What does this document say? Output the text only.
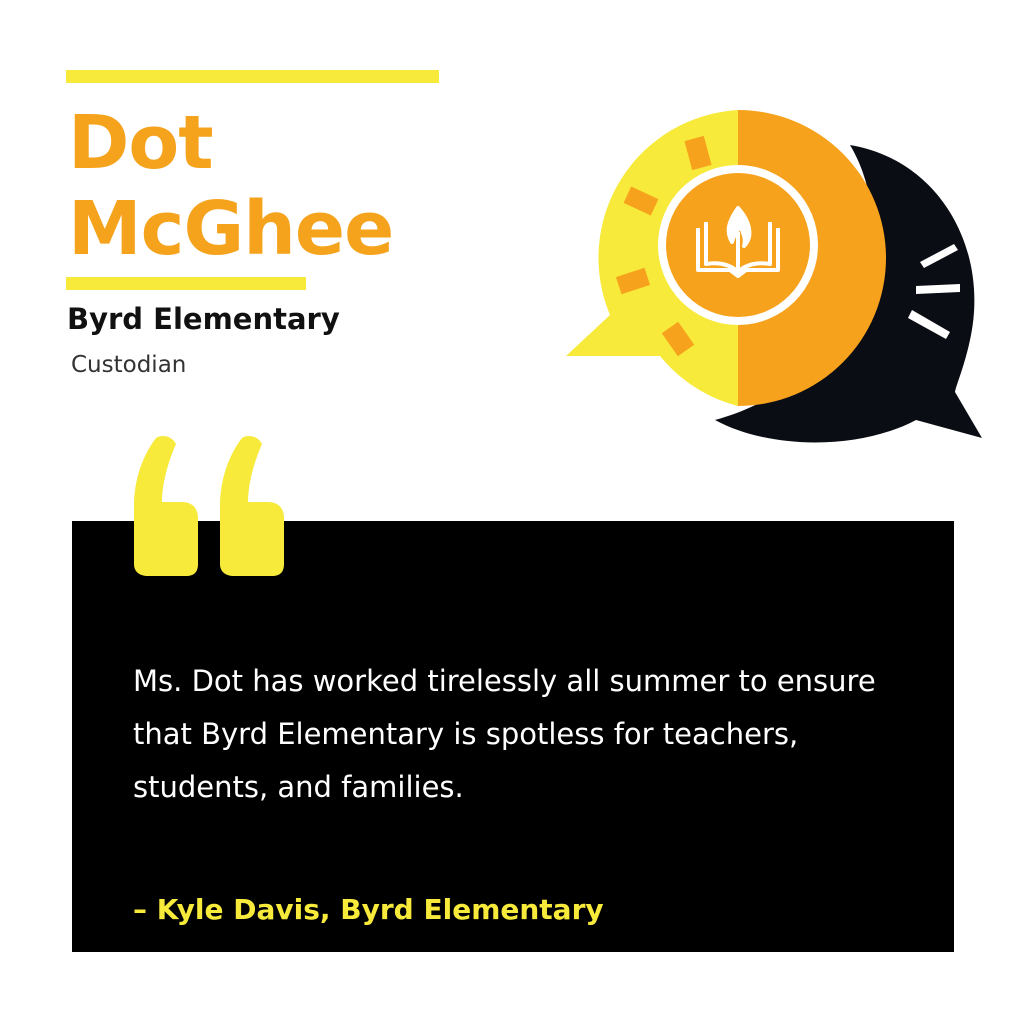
Dot
McGhee
Byrd Elementary
Custodian
Ms. Dot has worked tirelessly all summer to ensure that Byrd Elementary is spotless for teachers, students, and families.
– Kyle Davis, Byrd Elementary
